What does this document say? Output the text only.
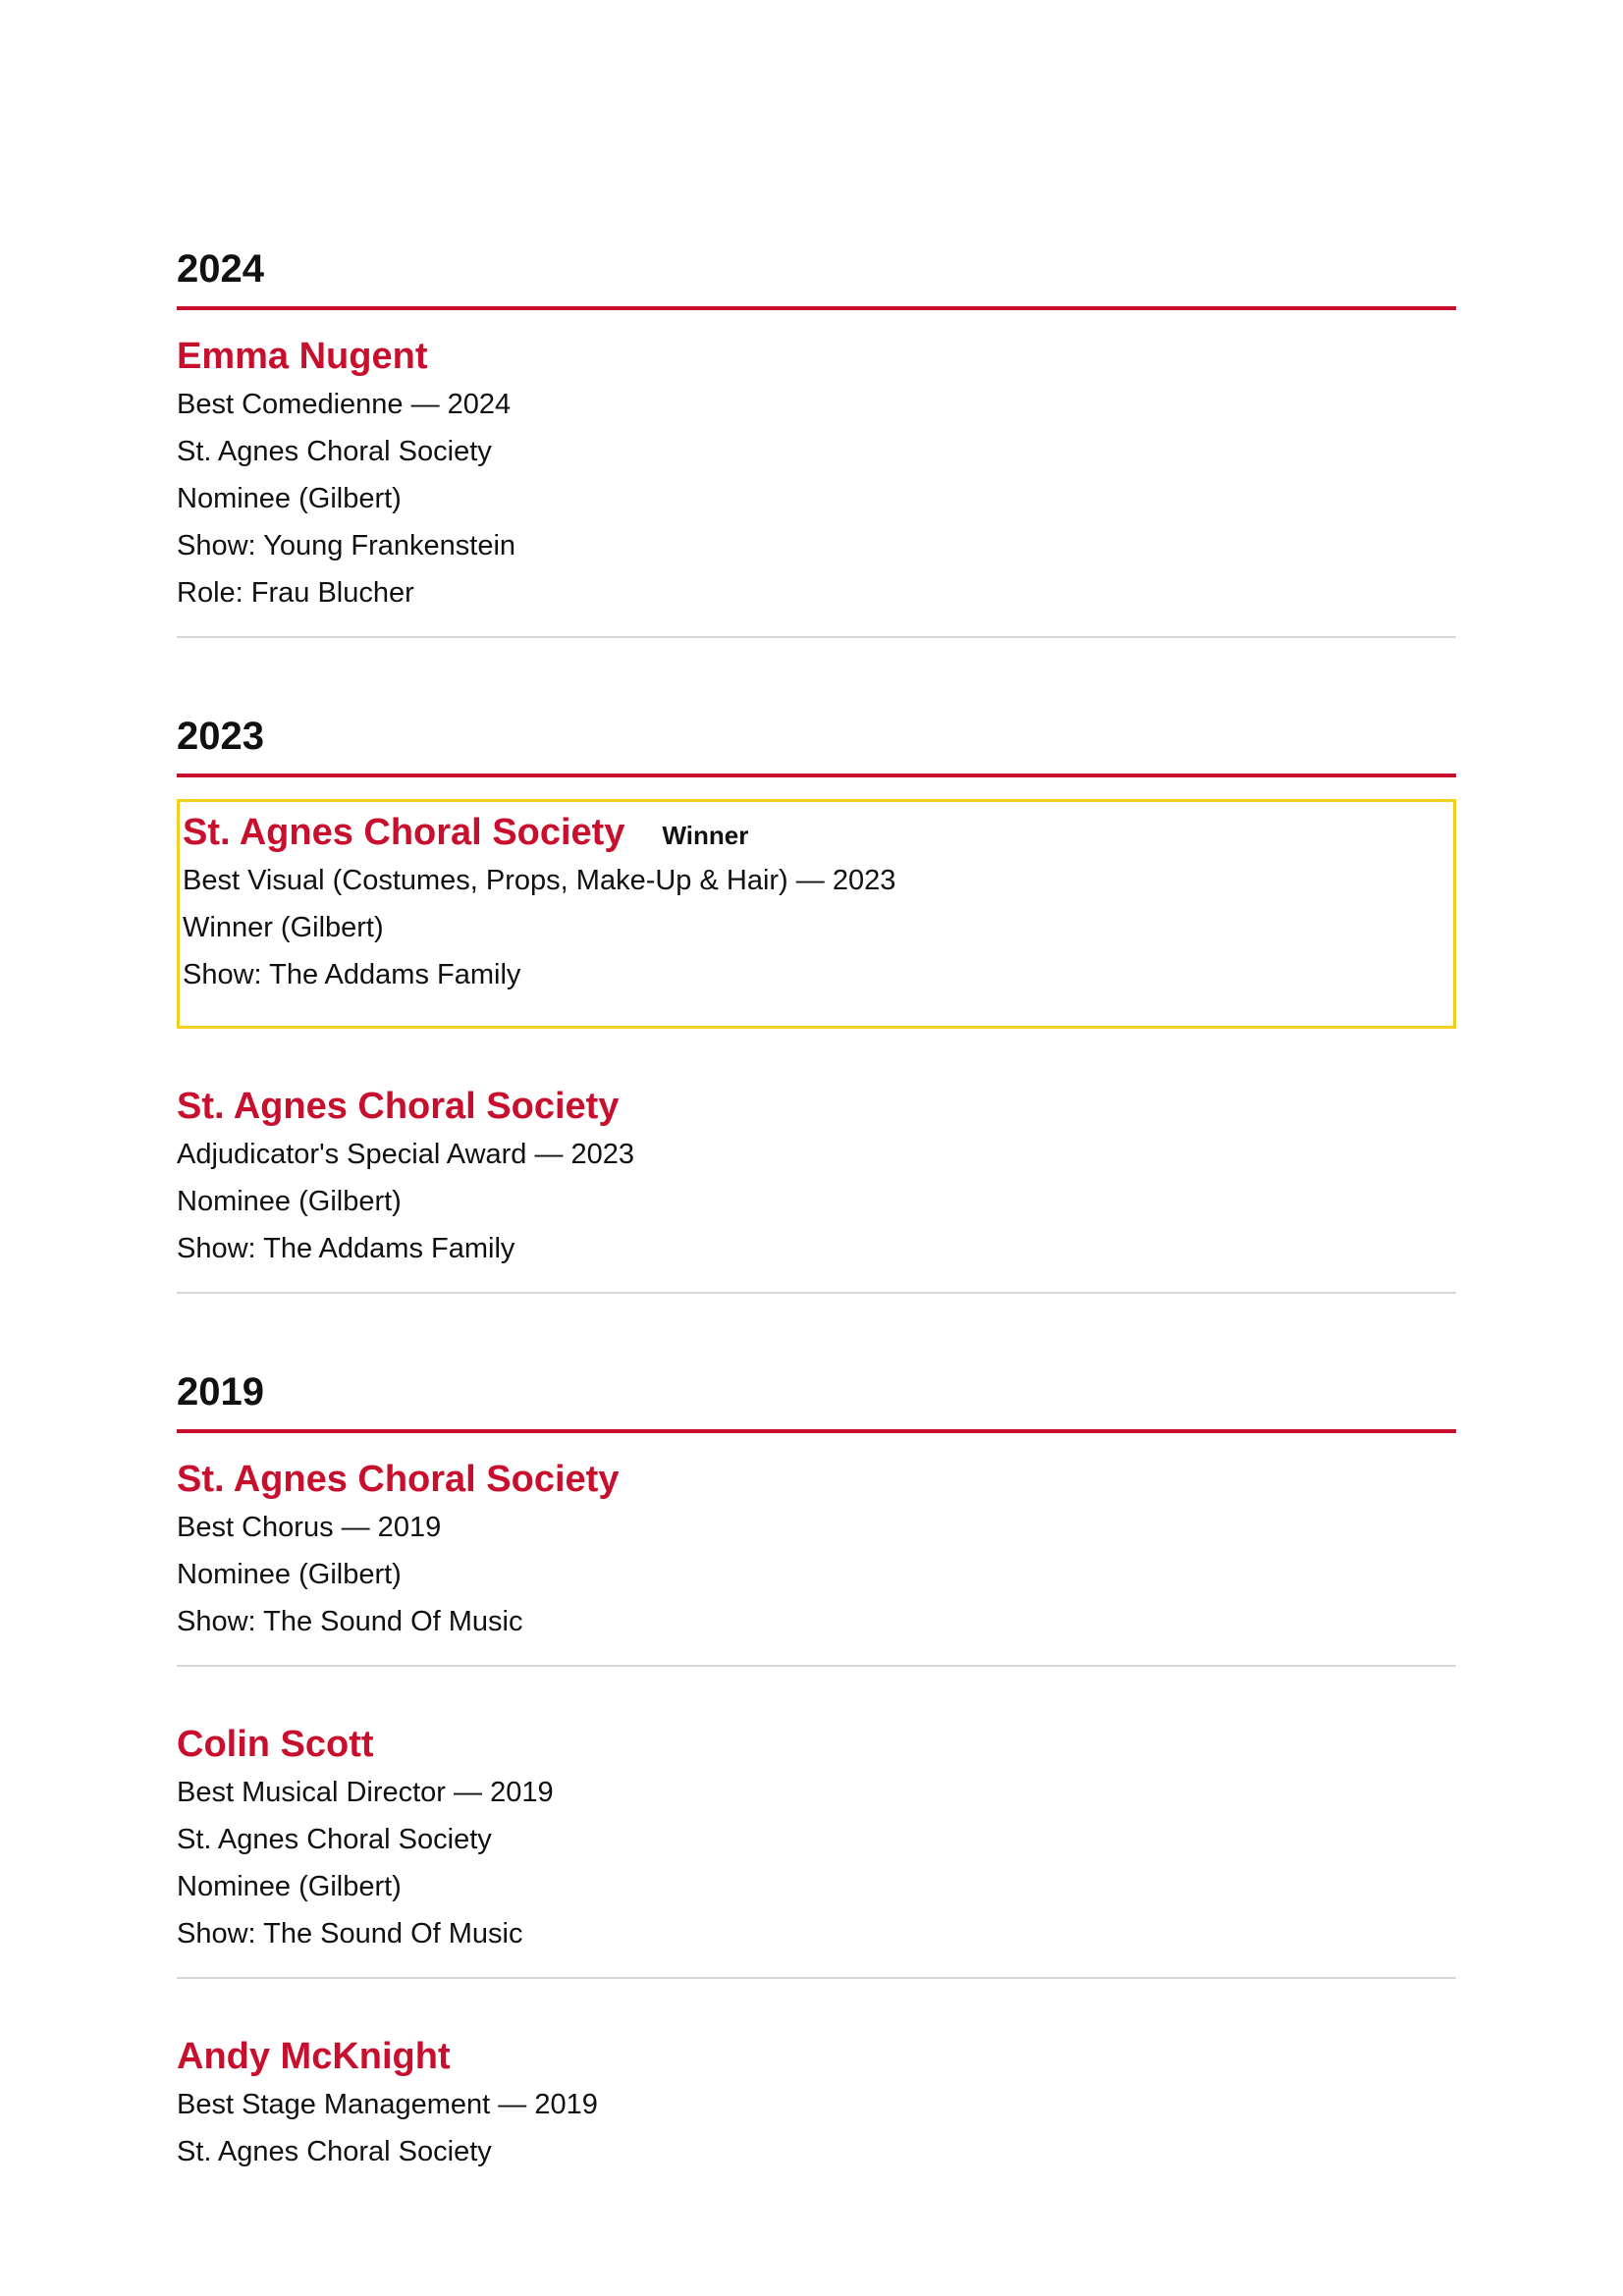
2024
Emma Nugent
Best Comedienne — 2024
St. Agnes Choral Society
Nominee (Gilbert)
Show: Young Frankenstein
Role: Frau Blucher
2023
St. Agnes Choral Society Winner
Best Visual (Costumes, Props, Make-Up & Hair) — 2023
Winner (Gilbert)
Show: The Addams Family
St. Agnes Choral Society
Adjudicator's Special Award — 2023
Nominee (Gilbert)
Show: The Addams Family
2019
St. Agnes Choral Society
Best Chorus — 2019
Nominee (Gilbert)
Show: The Sound Of Music
Colin Scott
Best Musical Director — 2019
St. Agnes Choral Society
Nominee (Gilbert)
Show: The Sound Of Music
Andy McKnight
Best Stage Management — 2019
St. Agnes Choral Society
